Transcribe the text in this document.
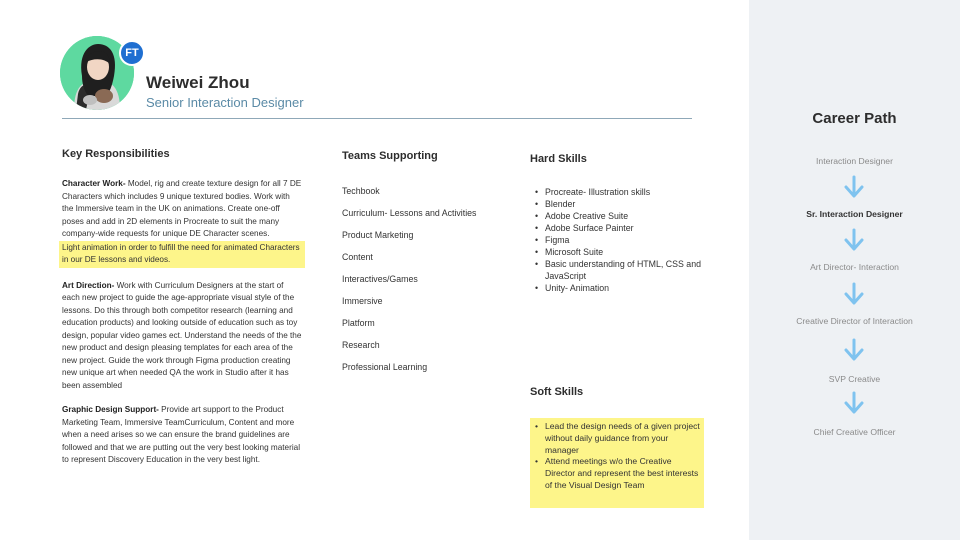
FT
Weiwei Zhou
Senior Interaction Designer
Key Responsibilities

Character Work- Model, rig and create texture design for all 7 DE Characters which includes 9 unique textured bodies. Work with the Immersive team in the UK on animations. Create one-off poses and add in 2D elements in Procreate to suit the many company-wide requests for unique DE Character scenes.
Light animation in order to fulfill the need for animated Characters in our DE lessons and videos.

Art Direction- Work with Curriculum Designers at the start of each new project to guide the age-appropriate visual style of the lessons. Do this through both competitor research (learning and education products) and looking outside of education such as toy design, popular video games ect. Understand the needs of the the new product and design pleasing templates for each area of the new project. Guide the work through Figma production creating new unique art when needed QA the work in Studio after it has been assembled

Graphic Design Support- Provide art support to the Product Marketing Team, Immersive TeamCurriculum, Content and more when a need arises so we can ensure the brand guidelines are followed and that we are putting out the very best looking material to represent Discovery Education in the very best light.

Teams Supporting
Techbook
Curriculum- Lessons and Activities
Product Marketing
Content
Interactives/Games
Immersive
Platform
Research
Professional Learning
Hard Skills
• Procreate- Illustration skills
• Blender
• Adobe Creative Suite
• Adobe Surface Painter
• Figma
• Microsoft Suite
• Basic understanding of HTML, CSS and JavaScript
• Unity- Animation
Soft Skills
• Lead the design needs of a given project without daily guidance from your manager
• Attend meetings w/o the Creative Director and represent the best interests of the Visual Design Team
Career Path
Interaction Designer
Sr. Interaction Designer
Art Director- Interaction
Creative Director of Interaction
SVP Creative
Chief Creative Officer
